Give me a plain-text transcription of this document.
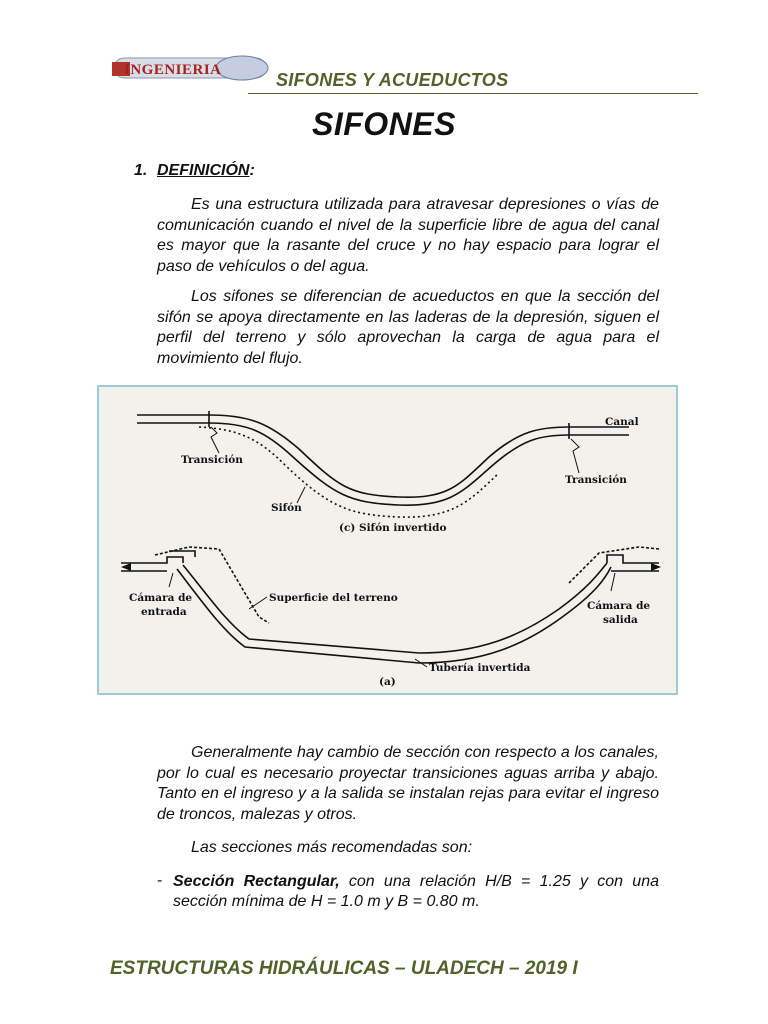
INGENIERIA	SIFONES Y ACUEDUCTOS
SIFONES
1. DEFINICIÓN:

Es una estructura utilizada para atravesar depresiones o vías de comunicación cuando el nivel de la superficie libre de agua del canal es mayor que la rasante del cruce y no hay espacio para lograr el paso de vehículos o del agua.

Los sifones se diferencian de acueductos en que la sección del sifón se apoya directamente en las laderas de la depresión, siguen el perfil del terreno y sólo aprovechan la carga de agua para el movimiento del flujo.

Canal
Transición
Transición
Sifón
(c) Sifón invertido
Cámara de
entrada
Superficie del terreno
Cámara de
salida
Tubería invertida
(a)

Generalmente hay cambio de sección con respecto a los canales, por lo cual es necesario proyectar transiciones aguas arriba y abajo. Tanto en el ingreso y a la salida se instalan rejas para evitar el ingreso de troncos, malezas y otros.

Las secciones más recomendadas son:

- Sección Rectangular, con una relación H/B = 1.25 y con una sección mínima de H = 1.0 m y B = 0.80 m.

ESTRUCTURAS HIDRÁULICAS – ULADECH – 2019 I
